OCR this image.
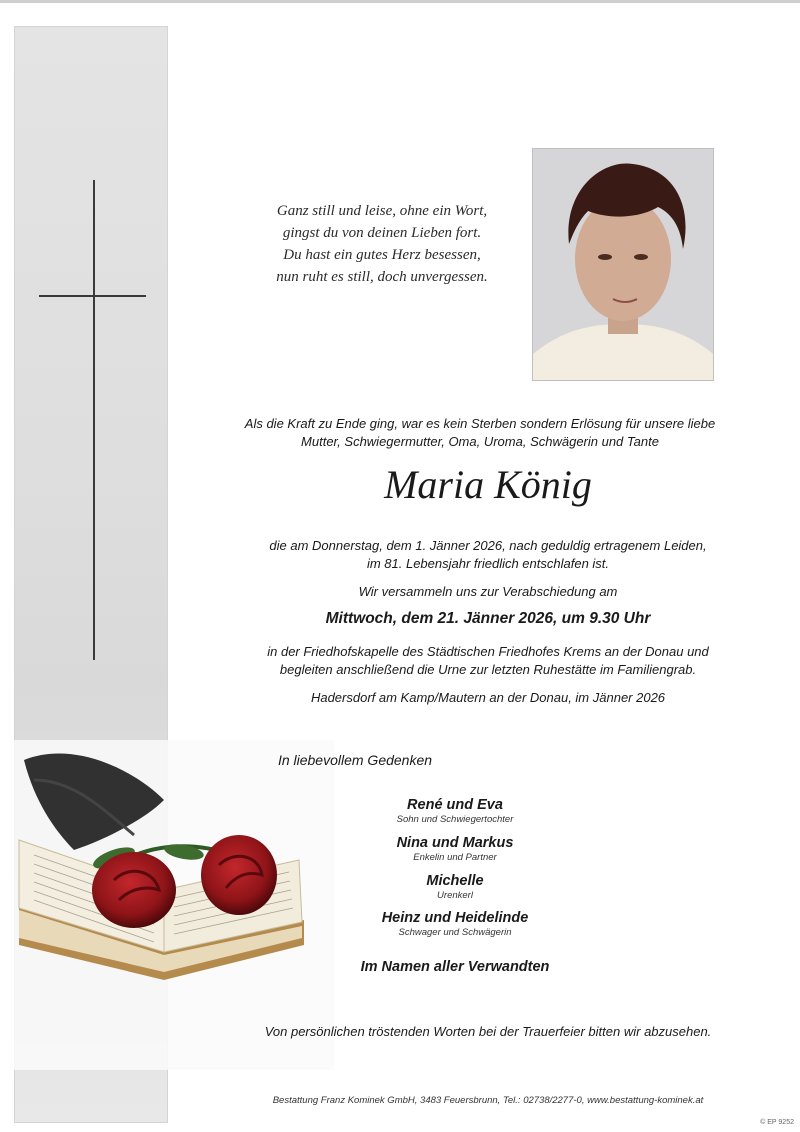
Ganz still und leise, ohne ein Wort,
gingst du von deinen Lieben fort.
Du hast ein gutes Herz besessen,
nun ruht es still, doch unvergessen.
Als die Kraft zu Ende ging, war es kein Sterben sondern Erlösung für unsere liebe
Mutter, Schwiegermutter, Oma, Uroma, Schwägerin und Tante
Maria König
die am Donnerstag, dem 1. Jänner 2026, nach geduldig ertragenem Leiden,
im 81. Lebensjahr friedlich entschlafen ist.
Wir versammeln uns zur Verabschiedung am
Mittwoch, dem 21. Jänner 2026, um 9.30 Uhr
in der Friedhofskapelle des Städtischen Friedhofes Krems an der Donau und
begleiten anschließend die Urne zur letzten Ruhestätte im Familiengrab.
Hadersdorf am Kamp/Mautern an der Donau, im Jänner 2026
In liebevollem Gedenken
René und Eva
Sohn und Schwiegertochter
Nina und Markus
Enkelin und Partner
Michelle
Urenkerl
Heinz und Heidelinde
Schwager und Schwägerin
Im Namen aller Verwandten
Von persönlichen tröstenden Worten bei der Trauerfeier bitten wir abzusehen.
Bestattung Franz Kominek GmbH, 3483 Feuersbrunn, Tel.: 02738/2277-0, www.bestattung-kominek.at
© EP 9252
